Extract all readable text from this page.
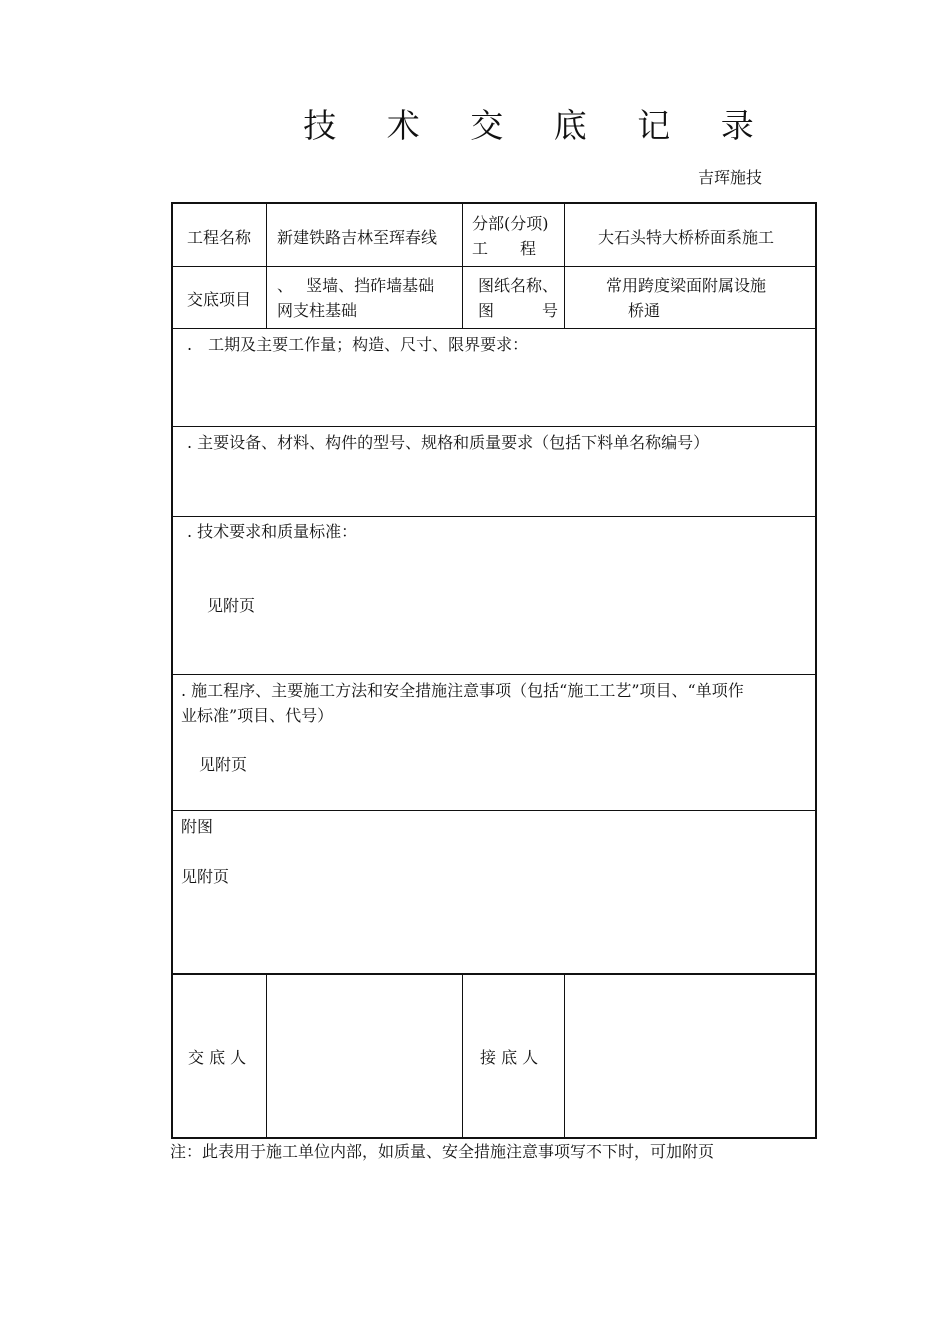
技 术 交 底 记 录
吉珲施技
工程名称 新建铁路吉林至珲春线
分部(分项)
工　　程
大石头特大桥桥面系施工
交底项目
、　 竖墙、挡砟墙基础
网支柱基础
图纸名称、
图　　　号
常用跨度梁面附属设施
桥通
.　工期及主要工作量；构造、尺寸、限界要求：
. 主要设备、材料、构件的型号、规格和质量要求（包括下料单名称编号）
. 技术要求和质量标准：
见附页
. 施工程序、主要施工方法和安全措施注意事项（包括“施工工艺”项目、“单项作
业标准”项目、代号）
见附页
附图
见附页
交 底 人	接 底 人
注：此表用于施工单位内部，如质量、安全措施注意事项写不下时，可加附页
